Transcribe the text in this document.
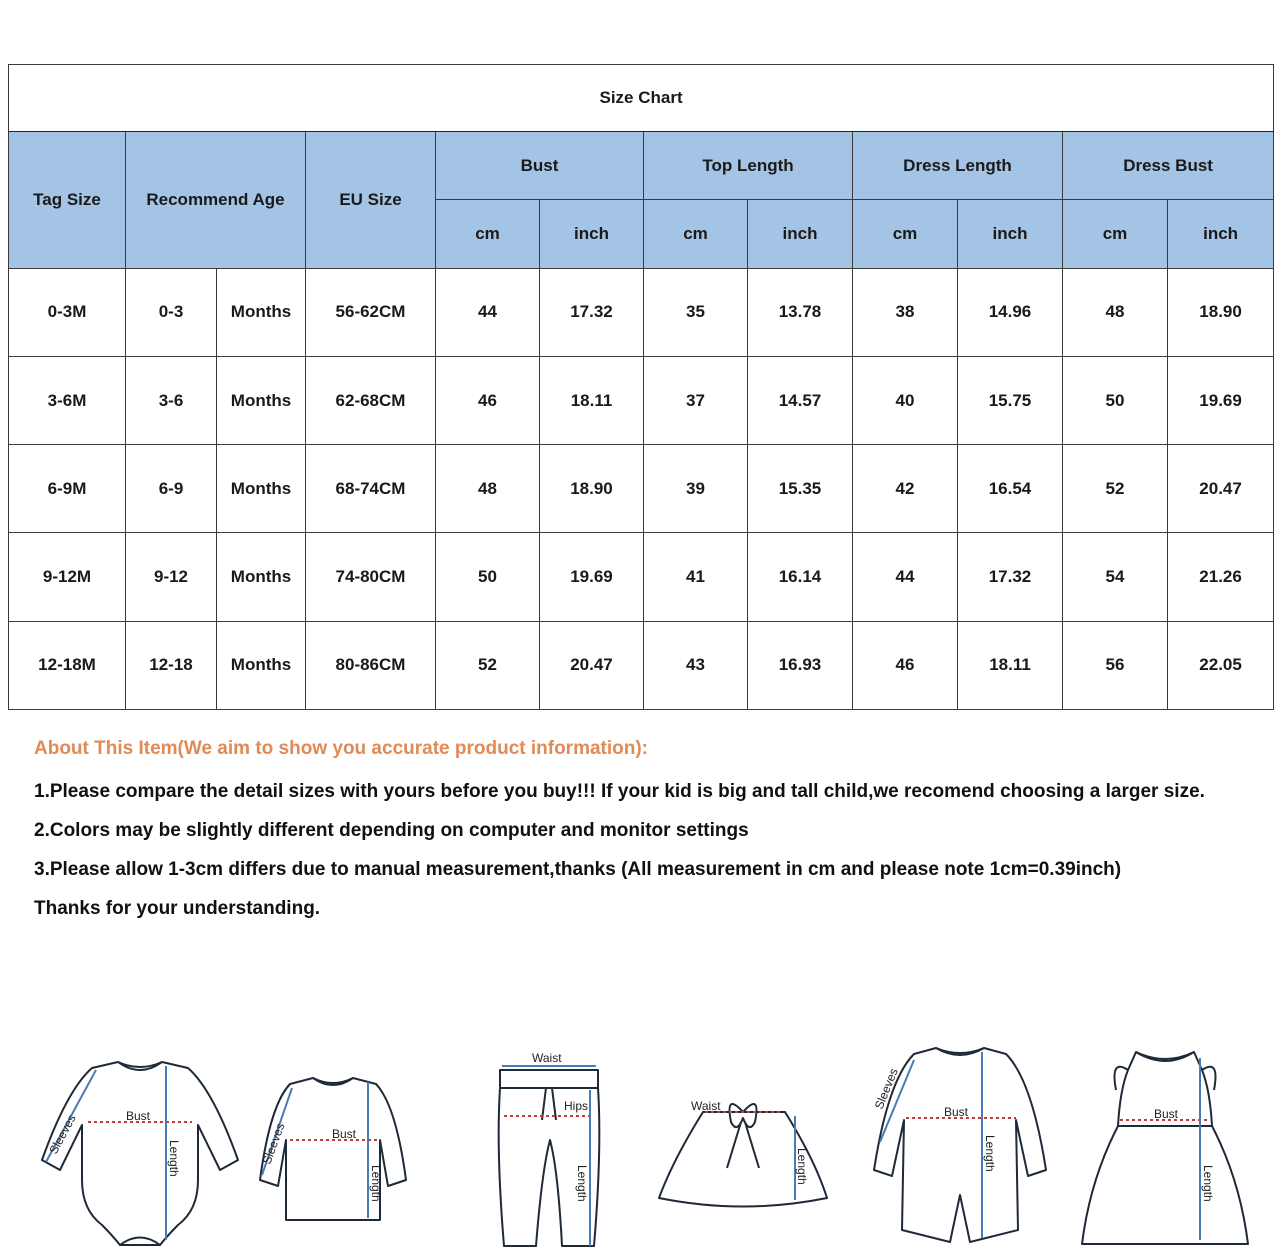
Size Chart											
Tag Size	Recommend Age		EU Size	Bust		Top Length		Dress Length		Dress Bust	
				cm	inch	cm	inch	cm	inch	cm	inch
0-3M	0-3	Months	56-62CM	44	17.32	35	13.78	38	14.96	48	18.90
3-6M	3-6	Months	62-68CM	46	18.11	37	14.57	40	15.75	50	19.69
6-9M	6-9	Months	68-74CM	48	18.90	39	15.35	42	16.54	52	20.47
9-12M	9-12	Months	74-80CM	50	19.69	41	16.14	44	17.32	54	21.26
12-18M	12-18	Months	80-86CM	52	20.47	43	16.93	46	18.11	56	22.05

About This Item(We aim to show you accurate product information):

1.Please compare the detail sizes with yours before you buy!!! If your kid is big and tall child,we recomend choosing a larger size.

2.Colors may be slightly different depending on computer and monitor settings

3.Please allow 1-3cm differs due to manual measurement,thanks (All measurement in cm and please note 1cm=0.39inch)

Thanks for your understanding.

Bust
Length
Sleeves	Bust
Length
Sleeves
Waist
Hips
Length
Waist
Length
Bust
Length
Sleeves
Bust
Length
